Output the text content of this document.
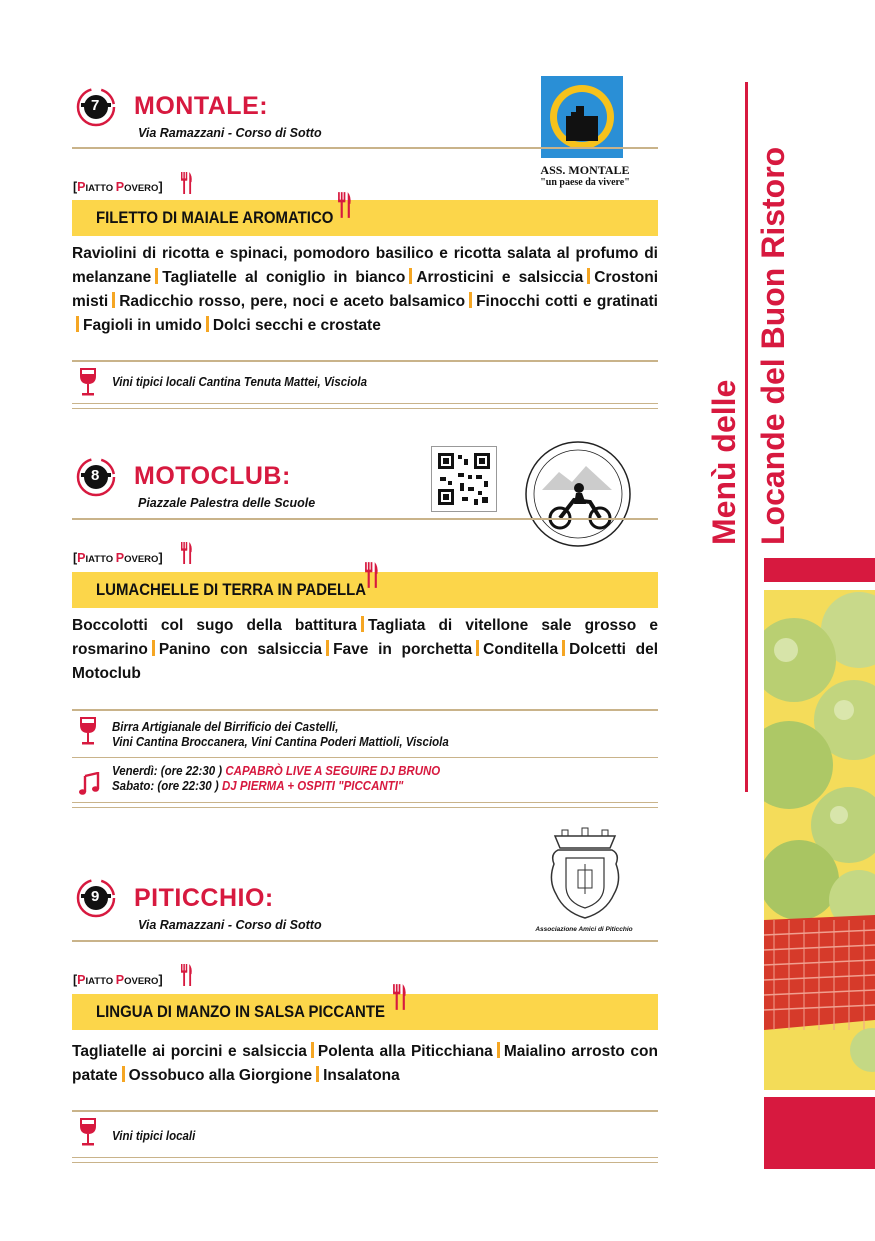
7 MONTALE:
Via Ramazzani - Corso di Sotto
ASS. MONTALE
"un paese da vivere"
[PIATTO POVERO]
FILETTO DI MAIALE AROMATICO
Raviolini di ricotta e spinaci, pomodoro basilico e ricotta salata al profumo di melanzane Tagliatelle al coniglio in bianco Arrosticini e salsiccia Crostoni misti Radicchio rosso, pere, noci e aceto balsamico Finocchi cotti e gratinatiFagioli in umido Dolci secchi e crostate
Vini tipici locali Cantina Tenuta Mattei, Visciola
8 MOTOCLUB:
Piazzale Palestra delle Scuole
[PIATTO POVERO]
LUMACHELLE DI TERRA IN PADELLA
Boccolotti col sugo della battitura Tagliata di vitellone sale grosso e rosmarino Panino con salsiccia Fave in porchetta Conditella Dolcetti del Motoclub
Birra Artigianale del Birrificio dei Castelli,
Vini Cantina Broccanera, Vini Cantina Poderi Mattioli, Visciola
Venerdì: (ore 22:30 ) CAPABRÒ LIVE A SEGUIRE DJ BRUNO
Sabato: (ore 22:30 ) DJ PIERMA + OSPITI "PICCANTI"
9 PITICCHIO:
Via Ramazzani - Corso di Sotto	Associazione Amici di Piticchio
[PIATTO POVERO]
LINGUA DI MANZO IN SALSA PICCANTE
Tagliatelle ai porcini e salsiccia Polenta alla Piticchiana Maialino arrosto con patate Ossobuco alla Giorgione Insalatona
Vini tipici locali
Menù delle Locande del Buon Ristoro
